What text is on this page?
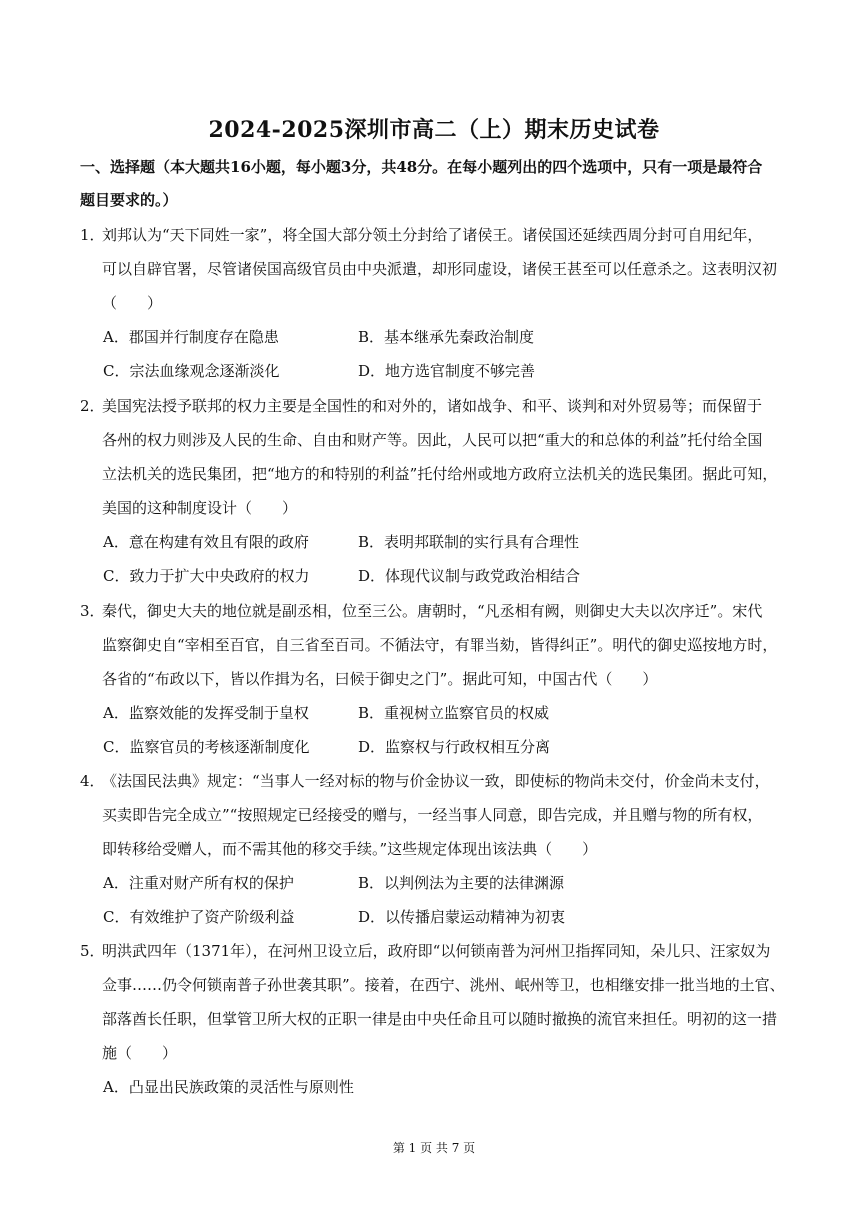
2024-2025深圳市高二（上）期末历史试卷
一、选择题（本大题共16小题，每小题3分，共48分。在每小题列出的四个选项中，只有一项是最符合
题目要求的。）
1．
刘邦认为“天下同姓一家”，将全国大部分领土分封给了诸侯王。诸侯国还延续西周分封可自用纪年，
可以自辟官署，尽管诸侯国高级官员由中央派遣，却形同虚设，诸侯王甚至可以任意杀之。这表明汉初
（　　）
A．郡国并行制度存在隐患	B．基本继承先秦政治制度
C．宗法血缘观念逐渐淡化	D．地方选官制度不够完善
2．
美国宪法授予联邦的权力主要是全国性的和对外的，诸如战争、和平、谈判和对外贸易等；而保留于
各州的权力则涉及人民的生命、自由和财产等。因此，人民可以把“重大的和总体的利益”托付给全国
立法机关的选民集团，把“地方的和特别的利益”托付给州或地方政府立法机关的选民集团。据此可知，
美国的这种制度设计（　　）
A．意在构建有效且有限的政府	B．表明邦联制的实行具有合理性
C．致力于扩大中央政府的权力	D．体现代议制与政党政治相结合
3．
秦代，御史大夫的地位就是副丞相，位至三公。唐朝时，“凡丞相有阙，则御史大夫以次序迁”。宋代
监察御史自“宰相至百官，自三省至百司。不循法守，有罪当劾，皆得纠正”。明代的御史巡按地方时，
各省的“布政以下，皆以作揖为名，曰候于御史之门”。据此可知，中国古代（　　）
A．监察效能的发挥受制于皇权	B．重视树立监察官员的权威
C．监察官员的考核逐渐制度化	D．监察权与行政权相互分离
4．
《法国民法典》规定：“当事人一经对标的物与价金协议一致，即使标的物尚未交付，价金尚未支付，
买卖即告完全成立”“按照规定已经接受的赠与，一经当事人同意，即告完成，并且赠与物的所有权，
即转移给受赠人，而不需其他的移交手续。”这些规定体现出该法典（　　）
A．注重对财产所有权的保护	B．以判例法为主要的法律渊源
C．有效维护了资产阶级利益	D．以传播启蒙运动精神为初衷
5．
明洪武四年（1371年），在河州卫设立后，政府即“以何锁南普为河州卫指挥同知，朵儿只、汪家奴为
佥事……仍令何锁南普子孙世袭其职”。接着，在西宁、洮州、岷州等卫，也相继安排一批当地的土官、
部落酋长任职，但掌管卫所大权的正职一律是由中央任命且可以随时撤换的流官来担任。明初的这一措
施（　　）
A．凸显出民族政策的灵活性与原则性
第 1 页 共 7 页
